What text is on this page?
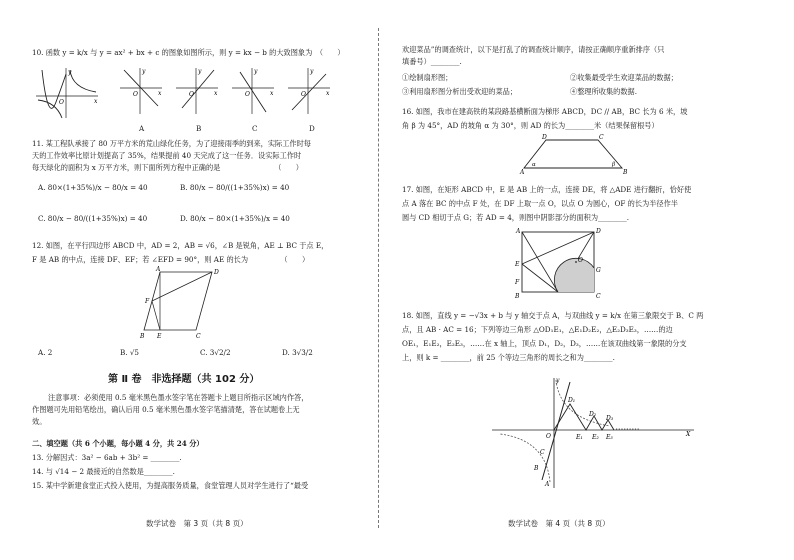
10. 函数 y = k/x 与 y = ax² + bx + c 的图象如图所示，则 y = kx − b 的大致图象为　（　　）
y
x
O
y
x
O
A
y
x
O
B
y
x
O
C
y
x
O
D
11. 某工程队承接了 80 万平方米的荒山绿化任务，为了迎接雨季的到来，实际工作时每
天的工作效率比原计划提高了 35%，结果提前 40 天完成了这一任务．设实际工作时
每天绿化的面积为 x 万平方米，则下面所列方程中正确的是　　　　　　　　（　　）
A. 80×(1+35%)/x − 80/x = 40	B. 80/x − 80/((1+35%)x) = 40
C. 80/x − 80/((1+35%)x) = 40	D. 80/x − 80×(1+35%)/x = 40
12. 如图，在平行四边形 ABCD 中，AD = 2，AB = √6，∠B 是锐角，AE ⊥ BC 于点 E，
F 是 AB 的中点，连接 DF、EF；若 ∠EFD = 90°，则 AE 的长为　　　　　（　　）
A	D
F
B E	C
A. 2	B. √5	C. 3√2/2	D. 3√3/2
第 Ⅱ 卷　非选择题（共 102 分）
注意事项：必须使用 0.5 毫米黑色墨水签字笔在答题卡上题目所指示区域内作答，
作图题可先用铅笔绘出，确认后用 0.5 毫米黑色墨水签字笔描清楚，答在试题卷上无
效。
二、填空题（共 6 个小题，每小题 4 分，共 24 分）
13. 分解因式：3a² − 6ab + 3b² = ________.
14. 与 √14 − 2 最接近的自然数是________.
15. 某中学新建食堂正式投入使用，为提高服务质量，食堂管理人员对学生进行了“最受
数学试卷　第 3 页（共 8 页）
欢迎菜品”的调查统计，以下是打乱了的调查统计顺序，请按正确顺序重新排序（只
填番号）________.
①绘制扇形图；	②收集最受学生欢迎菜品的数据；
③利用扇形图分析出受欢迎的菜品；	④整理所收集的数据.
16. 如图，我市在建高铁的某段路基横断面为梯形 ABCD，DC // AB，BC 长为 6 米，坡
角 β 为 45°，AD 的坡角 α 为 30°，则 AD 的长为________米（结果保留根号）
D	C
A
α	β
B
17. 如图，在矩形 ABCD 中，E 是 AB 上的一点，连接 DE，将 △ADE 进行翻折，恰好使
点 A 落在 BC 的中点 F 处，在 DF 上取一点 O，以点 O 为圆心，OF 的长为半径作半
圆与 CD 相切于点 G；若 AD = 4，则图中阴影部分的面积为________.
A	D
O
E
F
G
B	C
18. 如图，直线 y = −√3x + b 与 y 轴交于点 A，与双曲线 y = k/x 在第三象限交于 B、C 两
点，且 AB · AC = 16；下列等边三角形 △OD₁E₁，△E₁D₂E₂，△E₂D₃E₃，……的边
OE₁，E₁E₂，E₂E₃，……在 x 轴上，顶点 D₁，D₂，D₃，……在该双曲线第一象限的分支
上，则 k = ________，前 25 个等边三角形的周长之和为________.
y
D₁
D₂
D₃
O	E₁ E₂ E₃	X
C
B
A
数学试卷　第 4 页（共 8 页）
